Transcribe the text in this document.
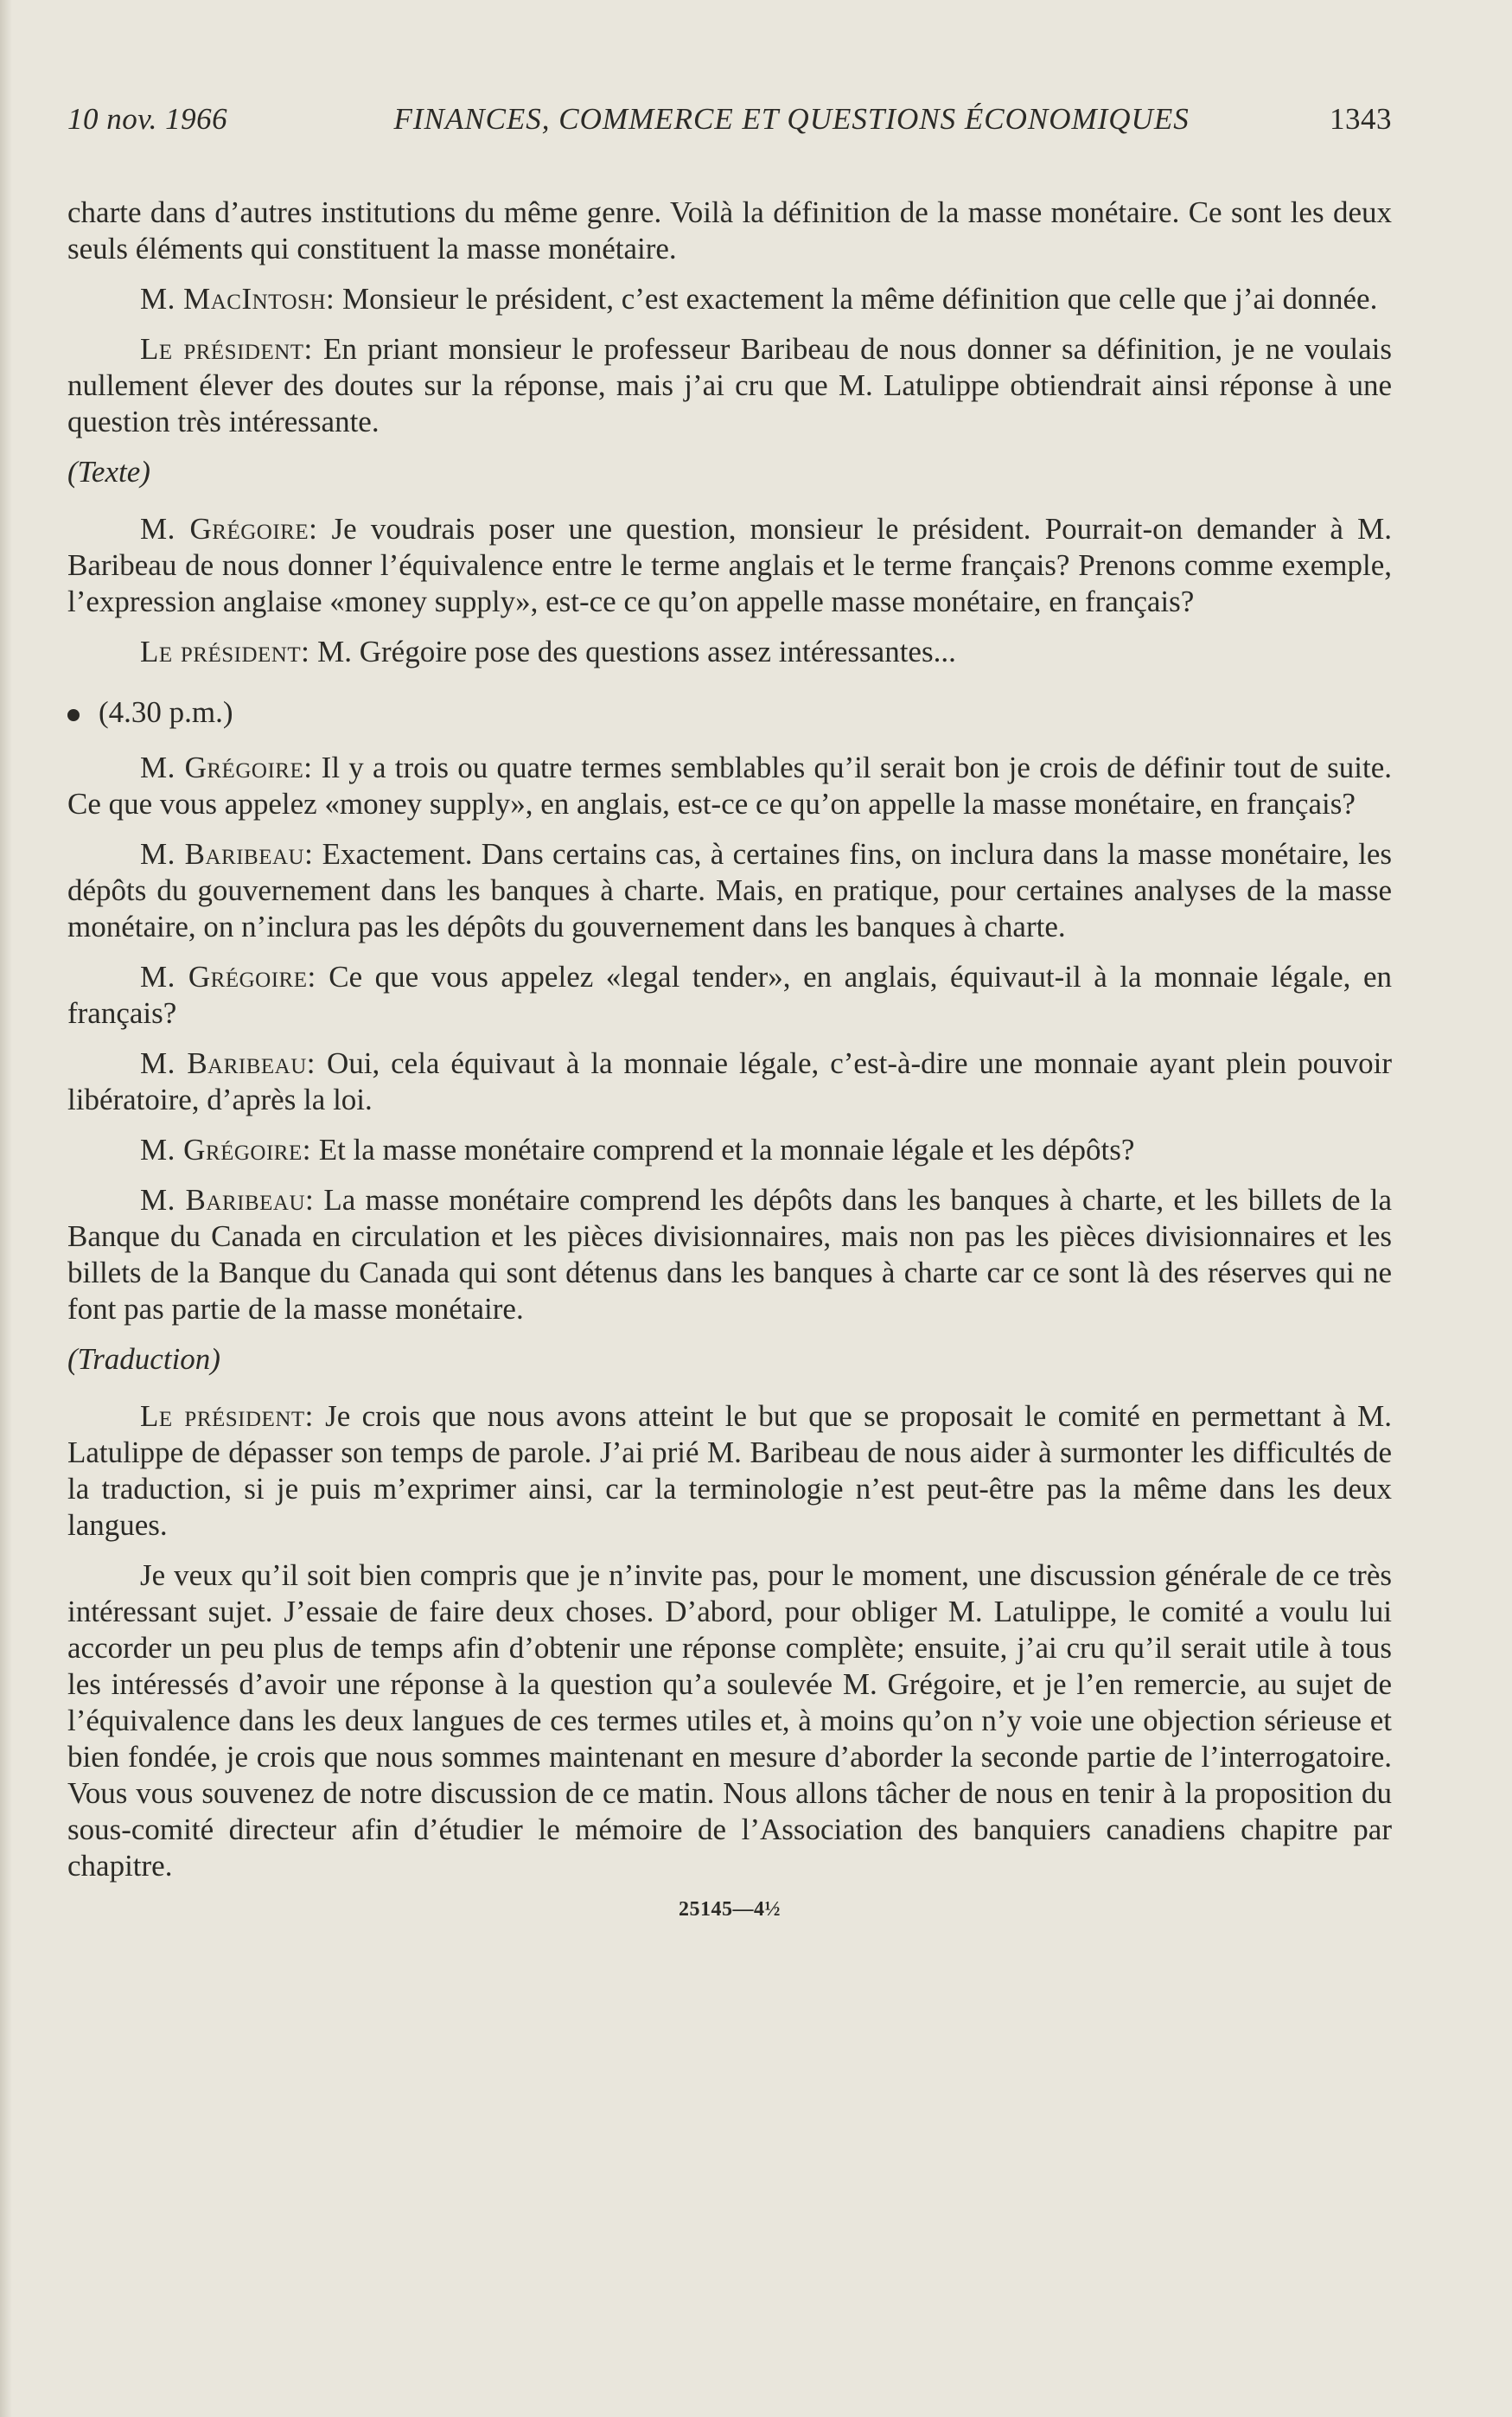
10 nov. 1966	FINANCES, COMMERCE ET QUESTIONS ÉCONOMIQUES	1343

charte dans d’autres institutions du même genre. Voilà la définition de la masse monétaire. Ce sont les deux seuls éléments qui constituent la masse monétaire.

M. MacIntosh: Monsieur le président, c’est exactement la même définition que celle que j’ai donnée.

Le président: En priant monsieur le professeur Baribeau de nous donner sa définition, je ne voulais nullement élever des doutes sur la réponse, mais j’ai cru que M. Latulippe obtiendrait ainsi réponse à une question très intéressante.

(Texte)

M. Grégoire: Je voudrais poser une question, monsieur le président. Pourrait-on demander à M. Baribeau de nous donner l’équivalence entre le terme anglais et le terme français? Prenons comme exemple, l’expression anglaise «money supply», est-ce ce qu’on appelle masse monétaire, en français?

Le président: M. Grégoire pose des questions assez intéressantes...

(4.30 p.m.)

M. Grégoire: Il y a trois ou quatre termes semblables qu’il serait bon je crois de définir tout de suite. Ce que vous appelez «money supply», en anglais, est-ce ce qu’on appelle la masse monétaire, en français?

M. Baribeau: Exactement. Dans certains cas, à certaines fins, on inclura dans la masse monétaire, les dépôts du gouvernement dans les banques à charte. Mais, en pratique, pour certaines analyses de la masse monétaire, on n’inclura pas les dépôts du gouvernement dans les banques à charte.

M. Grégoire: Ce que vous appelez «legal tender», en anglais, équivaut-il à la monnaie légale, en français?

M. Baribeau: Oui, cela équivaut à la monnaie légale, c’est-à-dire une monnaie ayant plein pouvoir libératoire, d’après la loi.

M. Grégoire: Et la masse monétaire comprend et la monnaie légale et les dépôts?

M. Baribeau: La masse monétaire comprend les dépôts dans les banques à charte, et les billets de la Banque du Canada en circulation et les pièces divisionnaires, mais non pas les pièces divisionnaires et les billets de la Banque du Canada qui sont détenus dans les banques à charte car ce sont là des réserves qui ne font pas partie de la masse monétaire.

(Traduction)

Le président: Je crois que nous avons atteint le but que se proposait le comité en permettant à M. Latulippe de dépasser son temps de parole. J’ai prié M. Baribeau de nous aider à surmonter les difficultés de la traduction, si je puis m’exprimer ainsi, car la terminologie n’est peut-être pas la même dans les deux langues.

Je veux qu’il soit bien compris que je n’invite pas, pour le moment, une discussion générale de ce très intéressant sujet. J’essaie de faire deux choses. D’abord, pour obliger M. Latulippe, le comité a voulu lui accorder un peu plus de temps afin d’obtenir une réponse complète; ensuite, j’ai cru qu’il serait utile à tous les intéressés d’avoir une réponse à la question qu’a soulevée M. Grégoire, et je l’en remercie, au sujet de l’équivalence dans les deux langues de ces termes utiles et, à moins qu’on n’y voie une objection sérieuse et bien fondée, je crois que nous sommes maintenant en mesure d’aborder la seconde partie de l’interrogatoire. Vous vous souvenez de notre discussion de ce matin. Nous allons tâcher de nous en tenir à la proposition du sous-comité directeur afin d’étudier le mémoire de l’Association des banquiers canadiens chapitre par chapitre.

25145—4½
